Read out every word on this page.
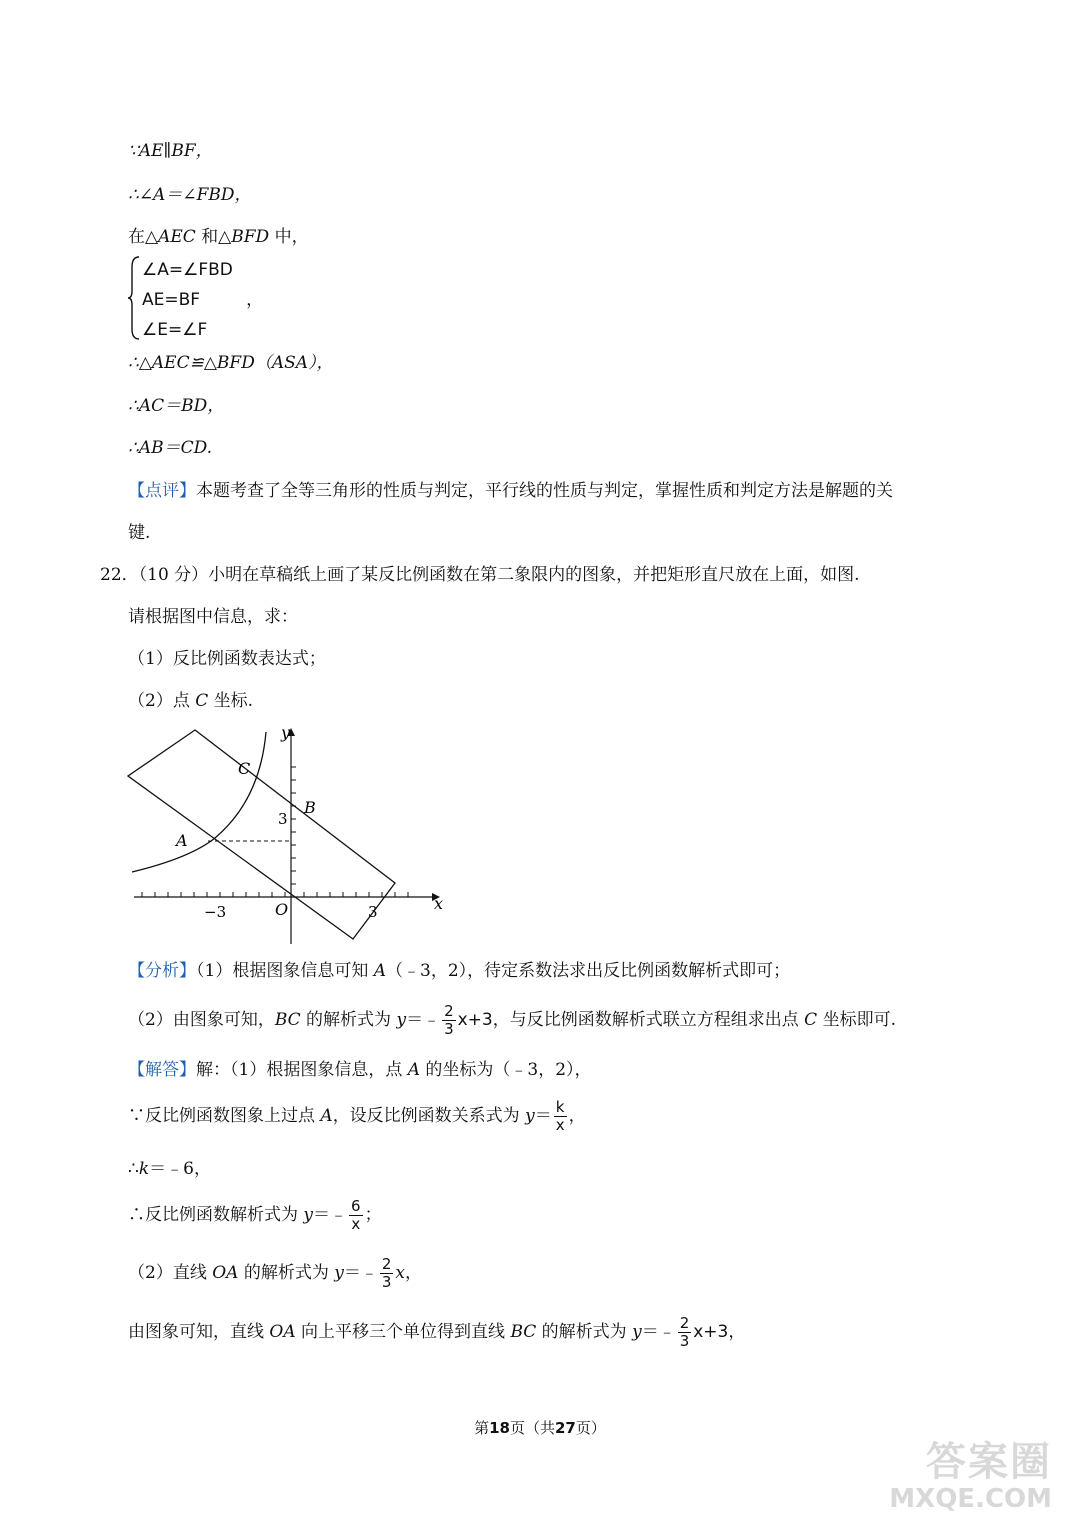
∵AE∥BF，
∴∠A＝∠FBD，
在△AEC 和△BFD 中，
∠A=∠FBD
AE=BF	，
∠E=∠F
∴△AEC≌△BFD（ASA），
∴AC＝BD，
∴AB＝CD.
【点评】本题考查了全等三角形的性质与判定，平行线的性质与判定，掌握性质和判定方法是解题的关
键.
22．（10 分）小明在草稿纸上画了某反比例函数在第二象限内的图象，并把矩形直尺放在上面，如图.
请根据图中信息，求：
（1）反比例函数表达式；
（2）点 C 坐标.
y
x
C
B
A
O
3
−3	3
【分析】（1）根据图象信息可知 A（﹣3，2），待定系数法求出反比例函数解析式即可；
（2）由图象可知，BC 的解析式为 y＝﹣ $\frac{2}{3} x+3$，与反比例函数解析式联立方程组求出点 C 坐标即可.
【解答】解：（1）根据图象信息，点 A 的坐标为（﹣3，2），
∵反比例函数图象上过点 A，设反比例函数关系式为 $y= \frac{k}{x}$ ，
∴k＝﹣6，
∴反比例函数解析式为 y＝﹣ $\frac{6}{x}$ ；
（2）直线 OA 的解析式为 y＝﹣ $\frac{2}{3}$ x，
由图象可知，直线 OA 向上平移三个单位得到直线 BC 的解析式为 y＝﹣ $\frac{2}{3} x+3$，
第18页（共27页）
答案圈
MXQE.COM
